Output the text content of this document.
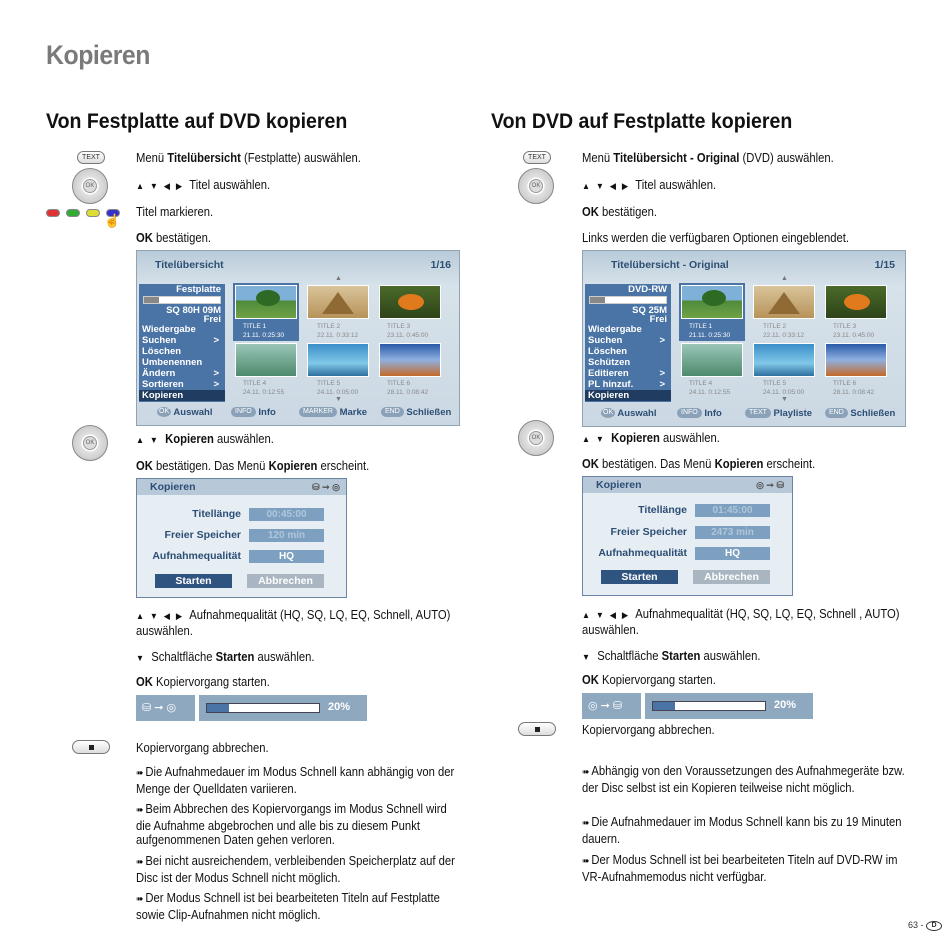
Kopieren
Von Festplatte auf DVD kopieren
TEXT
OK
☝
Menü Titelübersicht (Festplatte) auswählen.
▲ ▼ ◀ ▶ Titel auswählen.
Titel markieren.
OK bestätigen.
Titelübersicht	1/16
▲
Festplatte
SQ 80H 09M
Frei
Wiedergabe
Suchen	>
Löschen
Umbenennen
Ändern	>
Sortieren	>
Kopieren
TITLE 1
21.11. 0:25:30
TITLE 2
22.11. 0:33:12
TITLE 3
23.11. 0:45:00
TITLE 4
24.11. 0:12:55
TITLE 5
24.11. 0:05:00
TITLE 6
28.11. 0:08:42
▼
OK Auswahl	INFO Info	MARKER Marke	END Schließen
OK	▲ ▼ Kopieren auswählen.
OK bestätigen. Das Menü Kopieren erscheint.
Kopieren	⛁ ➞ ◎
Titellänge	00:45:00
Freier Speicher	120 min
Aufnahmequalität	HQ
Starten	Abbrechen
▲ ▼ ◀ ▶ Aufnahmequalität (HQ, SQ, LQ, EQ, Schnell, AUTO) auswählen.
▼ Schaltfläche Starten auswählen.
OK Kopiervorgang starten.
⛁ ➞ ◎	20%
Kopiervorgang abbrechen.
➠ Die Aufnahmedauer im Modus Schnell kann abhängig von der Menge der Quelldaten variieren.
➠ Beim Abbrechen des Kopiervorgangs im Modus Schnell wird die Aufnahme abgebrochen und alle bis zu diesem Punkt aufgenommenen Daten gehen verloren.
➠ Bei nicht ausreichendem, verbleibenden Speicherplatz auf der Disc ist der Modus Schnell nicht möglich.
➠ Der Modus Schnell ist bei bearbeiteten Titeln auf Festplatte sowie Clip-Aufnahmen nicht möglich.
Von DVD auf Festplatte kopieren
TEXT
OK
Menü Titelübersicht - Original (DVD) auswählen.
▲ ▼ ◀ ▶ Titel auswählen.
OK bestätigen.
Links werden die verfügbaren Optionen eingeblendet.
Titelübersicht - Original	1/15
▲
DVD-RW
SQ 25M
Frei
Wiedergabe
Suchen	>
Löschen
Schützen
Editieren	>
PL hinzuf.	>
Kopieren
TITLE 1
21.11. 0:25:30
TITLE 2
22.11. 0:33:12
TITLE 3
23.11. 0:45:00
TITLE 4
24.11. 0:12:55
TITLE 5
24.11. 0:05:00
TITLE 6
28.11. 0:08:42
▼
OK Auswahl	INFO Info	TEXT Playliste	END Schließen
OK	▲ ▼ Kopieren auswählen.
OK bestätigen. Das Menü Kopieren erscheint.
Kopieren	◎ ➞ ⛁
Titellänge	01:45:00
Freier Speicher	2473 min
Aufnahmequalität	HQ
Starten	Abbrechen
▲ ▼ ◀ ▶ Aufnahmequalität (HQ, SQ, LQ, EQ, Schnell , AUTO) auswählen.
▼ Schaltfläche Starten auswählen.
OK Kopiervorgang starten.
◎ ➞ ⛁	20%
Kopiervorgang abbrechen.
➠ Abhängig von den Voraussetzungen des Aufnahmegeräte bzw. der Disc selbst ist ein Kopieren teilweise nicht möglich.
➠ Die Aufnahmedauer im Modus Schnell kann bis zu 19 Minuten dauern.
➠ Der Modus Schnell ist bei bearbeiteten Titeln auf DVD-RW im VR-Aufnahmemodus nicht verfügbar.
63 - D
